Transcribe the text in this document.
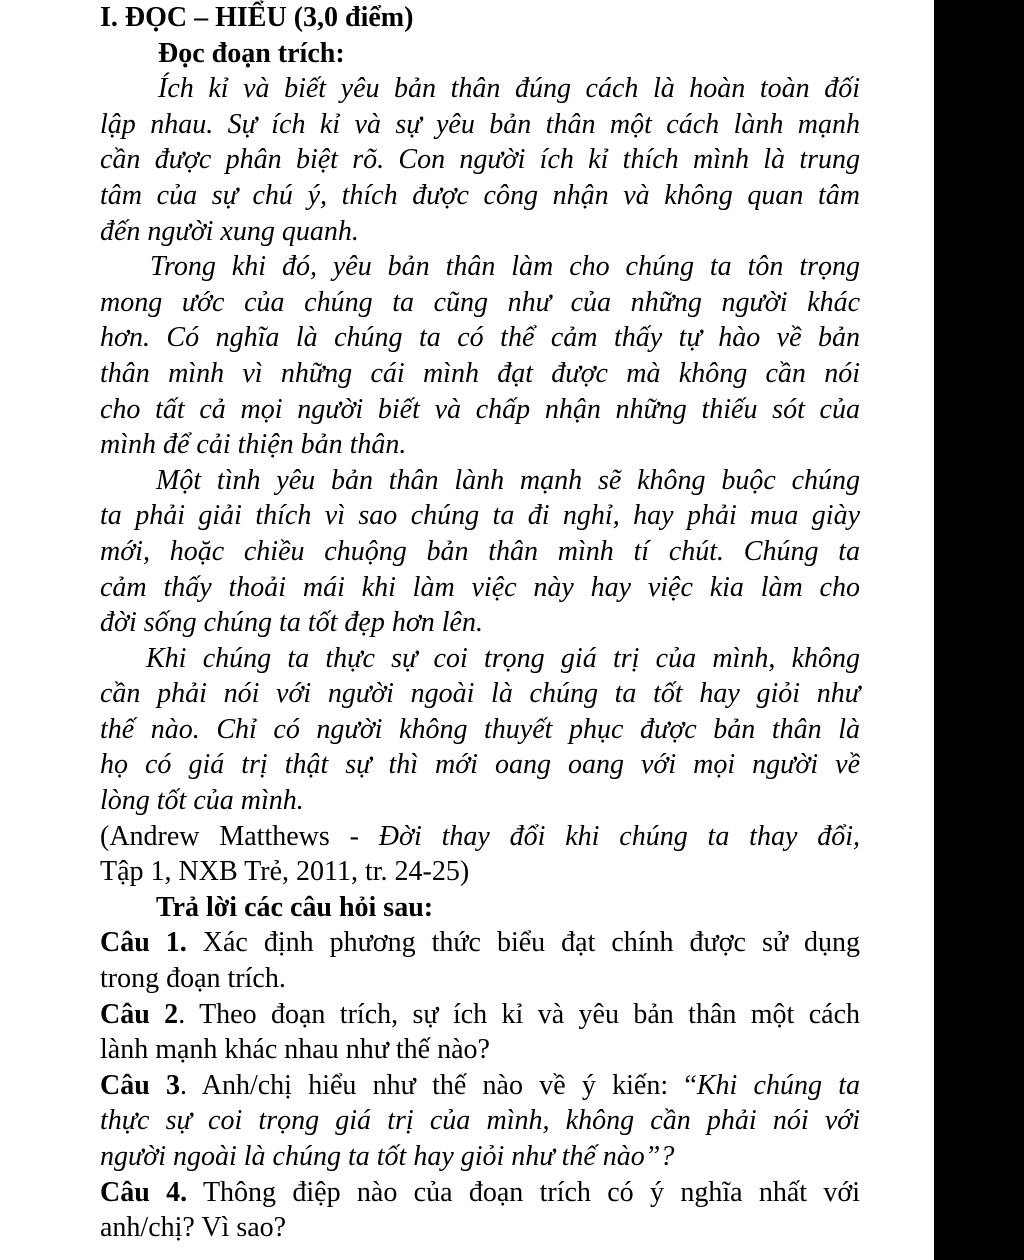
I. ĐỌC – HIỂU (3,0 điểm)
Đọc đoạn trích:
Ích kỉ và biết yêu bản thân đúng cách là hoàn toàn đối
lập nhau. Sự ích kỉ và sự yêu bản thân một cách lành mạnh
cần được phân biệt rõ. Con người ích kỉ thích mình là trung
tâm của sự chú ý, thích được công nhận và không quan tâm
đến người xung quanh.
Trong khi đó, yêu bản thân làm cho chúng ta tôn trọng
mong ước của chúng ta cũng như của những người khác
hơn. Có nghĩa là chúng ta có thể cảm thấy tự hào về bản
thân mình vì những cái mình đạt được mà không cần nói
cho tất cả mọi người biết và chấp nhận những thiếu sót của
mình để cải thiện bản thân.
Một tình yêu bản thân lành mạnh sẽ không buộc chúng
ta phải giải thích vì sao chúng ta đi nghỉ, hay phải mua giày
mới, hoặc chiều chuộng bản thân mình tí chút. Chúng ta
cảm thấy thoải mái khi làm việc này hay việc kia làm cho
đời sống chúng ta tốt đẹp hơn lên.
Khi chúng ta thực sự coi trọng giá trị của mình, không
cần phải nói với người ngoài là chúng ta tốt hay giỏi như
thế nào. Chỉ có người không thuyết phục được bản thân là
họ có giá trị thật sự thì mới oang oang với mọi người về
lòng tốt của mình.
(Andrew Matthews - Đời thay đổi khi chúng ta thay đổi,
Tập 1, NXB Trẻ, 2011, tr. 24-25)
Trả lời các câu hỏi sau:
Câu 1. Xác định phương thức biểu đạt chính được sử dụng
trong đoạn trích.
Câu 2. Theo đoạn trích, sự ích kỉ và yêu bản thân một cách
lành mạnh khác nhau như thế nào?
Câu 3. Anh/chị hiểu như thế nào về ý kiến: “Khi chúng ta
thực sự coi trọng giá trị của mình, không cần phải nói với
người ngoài là chúng ta tốt hay giỏi như thế nào”?
Câu 4. Thông điệp nào của đoạn trích có ý nghĩa nhất với
anh/chị? Vì sao?
